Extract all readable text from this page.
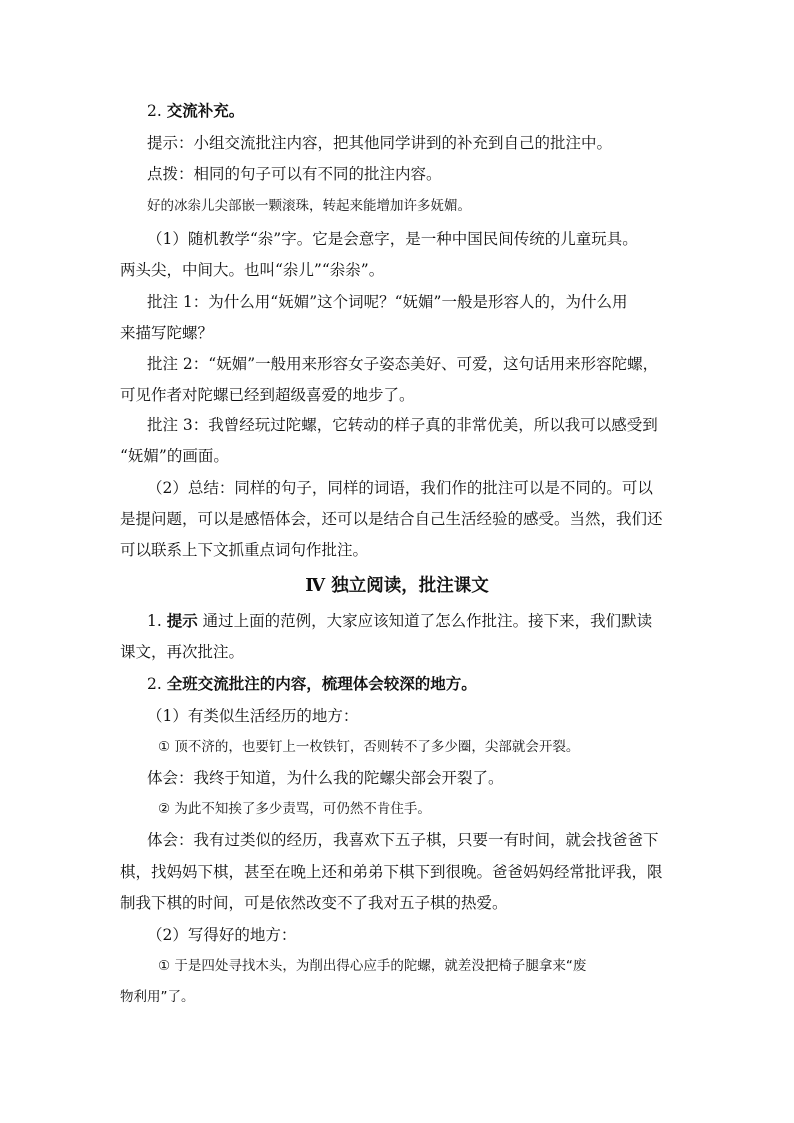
2. 交流补充。
提示：小组交流批注内容，把其他同学讲到的补充到自己的批注中。
点拨：相同的句子可以有不同的批注内容。
好的冰尜儿尖部嵌一颗滚珠，转起来能增加许多妩媚。
（1）随机教学“尜”字。它是会意字，是一种中国民间传统的儿童玩具。
两头尖，中间大。也叫“尜儿”“尜尜”。
批注 1：为什么用“妩媚”这个词呢？“妩媚”一般是形容人的，为什么用
来描写陀螺？
批注 2：“妩媚”一般用来形容女子姿态美好、可爱，这句话用来形容陀螺，
可见作者对陀螺已经到超级喜爱的地步了。
批注 3：我曾经玩过陀螺，它转动的样子真的非常优美，所以我可以感受到
“妩媚”的画面。
（2）总结：同样的句子，同样的词语，我们作的批注可以是不同的。可以
是提问题，可以是感悟体会，还可以是结合自己生活经验的感受。当然，我们还
可以联系上下文抓重点词句作批注。
Ⅳ 独立阅读，批注课文
1. 提示 通过上面的范例，大家应该知道了怎么作批注。接下来，我们默读
课文，再次批注。
2. 全班交流批注的内容，梳理体会较深的地方。
（1）有类似生活经历的地方：
① 顶不济的，也要钉上一枚铁钉，否则转不了多少圈，尖部就会开裂。
体会：我终于知道，为什么我的陀螺尖部会开裂了。
② 为此不知挨了多少责骂，可仍然不肯住手。
体会：我有过类似的经历，我喜欢下五子棋，只要一有时间，就会找爸爸下
棋，找妈妈下棋，甚至在晚上还和弟弟下棋下到很晚。爸爸妈妈经常批评我，限
制我下棋的时间，可是依然改变不了我对五子棋的热爱。
（2）写得好的地方：
① 于是四处寻找木头，为削出得心应手的陀螺，就差没把椅子腿拿来“废
物利用”了。
